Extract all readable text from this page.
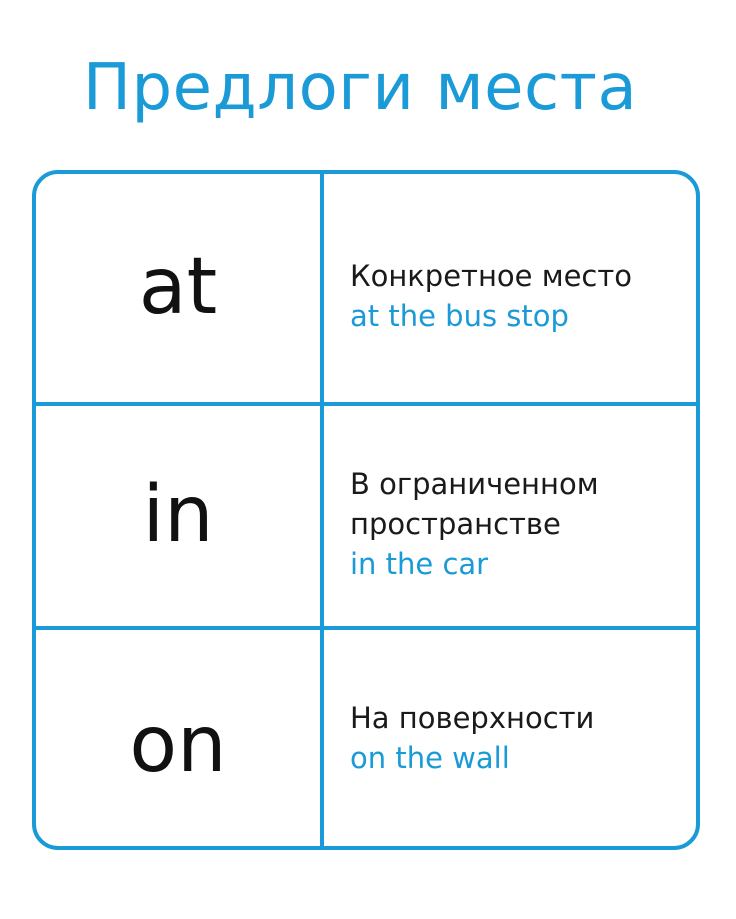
Предлоги места
at	Конкретное место
at the bus stop
in	В ограниченном
пространстве
in the car
on	На поверхности
on the wall
